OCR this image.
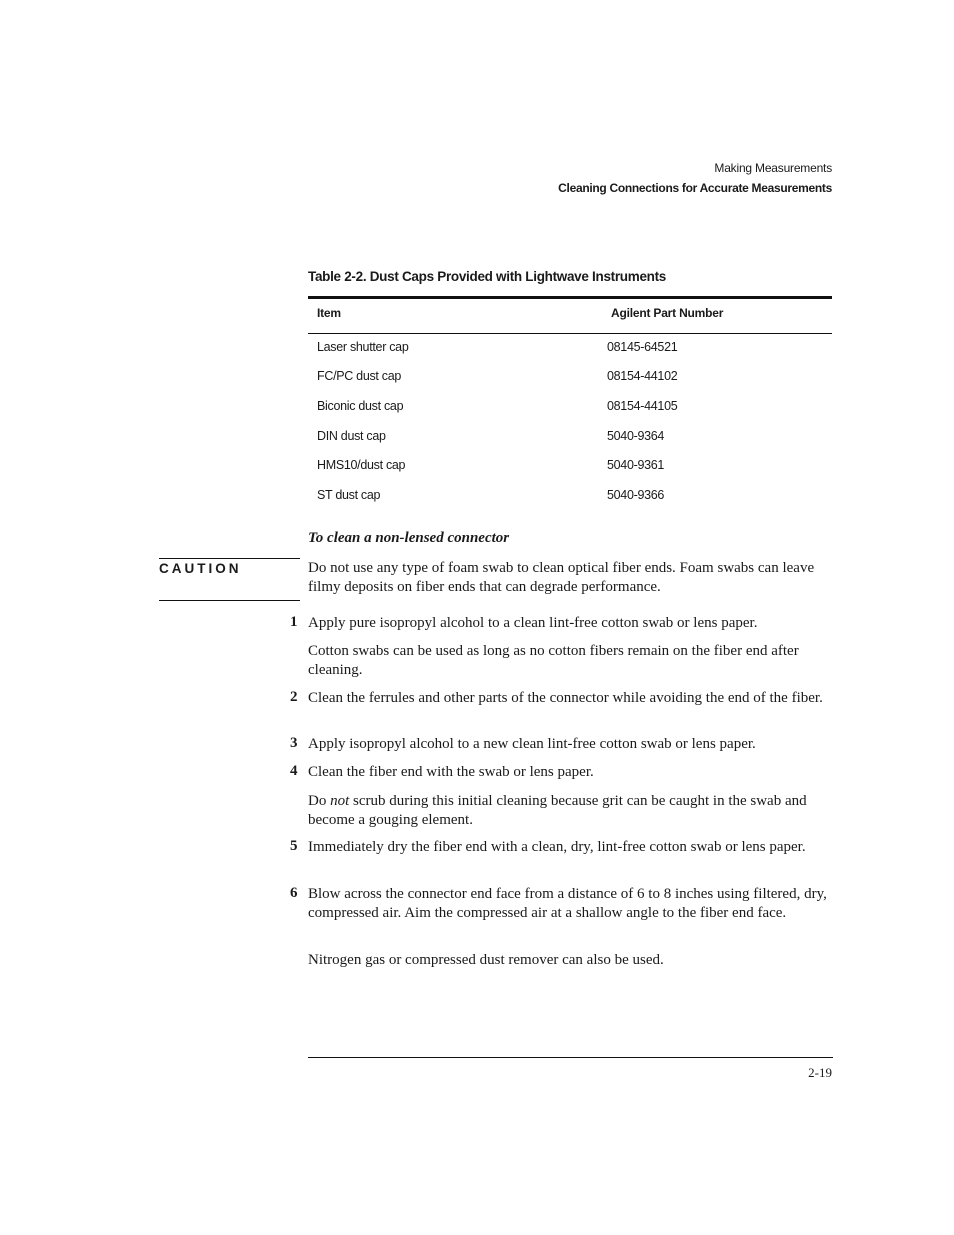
Making Measurements
Cleaning Connections for Accurate Measurements
Table 2-2. Dust Caps Provided with Lightwave Instruments
Item	Agilent Part Number
Laser shutter cap	08145-64521
FC/PC dust cap	08154-44102
Biconic dust cap	08154-44105
DIN dust cap	5040-9364
HMS10/dust cap	5040-9361
ST dust cap	5040-9366
To clean a non-lensed connector
CAUTION	Do not use any type of foam swab to clean optical fiber ends. Foam swabs can leave filmy deposits on fiber ends that can degrade performance.
1 Apply pure isopropyl alcohol to a clean lint-free cotton swab or lens paper.
Cotton swabs can be used as long as no cotton fibers remain on the fiber end after cleaning.
2 Clean the ferrules and other parts of the connector while avoiding the end of the fiber.
3 Apply isopropyl alcohol to a new clean lint-free cotton swab or lens paper.
4 Clean the fiber end with the swab or lens paper.
Do not scrub during this initial cleaning because grit can be caught in the swab and become a gouging element.
5 Immediately dry the fiber end with a clean, dry, lint-free cotton swab or lens paper.
6 Blow across the connector end face from a distance of 6 to 8 inches using filtered, dry, compressed air. Aim the compressed air at a shallow angle to the fiber end face.
Nitrogen gas or compressed dust remover can also be used.
2-19
